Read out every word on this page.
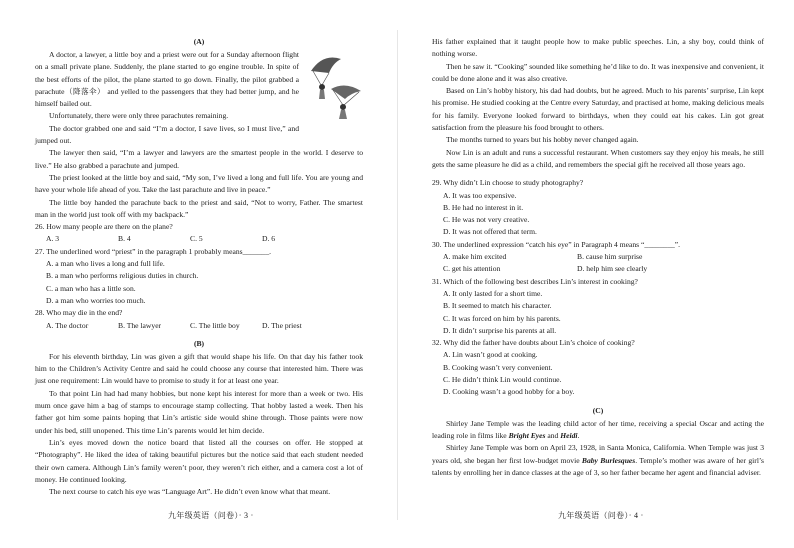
(A)

A doctor, a lawyer, a little boy and a priest were out for a Sunday afternoon flight on a small private plane. Suddenly, the plane started to go engine trouble. In spite of the best efforts of the pilot, the plane started to go down. Finally, the pilot grabbed a parachute（降落伞） and yelled to the passengers that they had better jump, and he himself bailed out.

Unfortunately, there were only three parachutes remaining.

The doctor grabbed one and said “I’m a doctor, I save lives, so I must live,” and jumped out.

The lawyer then said, “I’m a lawyer and lawyers are the smartest people in the world. I deserve to live.” He also grabbed a parachute and jumped.

The priest looked at the little boy and said, “My son, I’ve lived a long and full life. You are young and have your whole life ahead of you. Take the last parachute and live in peace.”

The little boy handed the parachute back to the priest and said, “Not to worry, Father. The smartest man in the world just took off with my backpack.”

26. How many people are there on the plane?
A. 3	B. 4	C. 5	D. 6
27. The underlined word “priest” in the paragraph 1 probably means_______.
A. a man who lives a long and full life.
B. a man who performs religious duties in church.
C. a man who has a little son.
D. a man who worries too much.
28. Who may die in the end?
A. The doctor	B. The lawyer	C. The little boy	D. The priest
(B)

For his eleventh birthday, Lin was given a gift that would shape his life. On that day his father took him to the Children’s Activity Centre and said he could choose any course that interested him. There was just one requirement: Lin would have to promise to study it for at least one year.

To that point Lin had had many hobbies, but none kept his interest for more than a week or two. His mum once gave him a bag of stamps to encourage stamp collecting. That hobby lasted a week. Then his father got him some paints hoping that Lin’s artistic side would shine through. Those paints were now under his bed, still unopened. This time Lin’s parents would let him decide.

Lin’s eyes moved down the notice board that listed all the courses on offer. He stopped at “Photography”. He liked the idea of taking beautiful pictures but the notice said that each student needed their own camera. Although Lin’s family weren’t poor, they weren’t rich either, and a camera cost a lot of money. He continued looking.

The next course to catch his eye was “Language Art”. He didn’t even know what that meant.

九年级英语（问卷）· 3 ·

His father explained that it taught people how to make public speeches. Lin, a shy boy, could think of nothing worse.

Then he saw it. “Cooking” sounded like something he’d like to do. It was inexpensive and convenient, it could be done alone and it was also creative.

Based on Lin’s hobby history, his dad had doubts, but he agreed. Much to his parents’ surprise, Lin kept his promise. He studied cooking at the Centre every Saturday, and practised at home, making delicious meals for his family. Everyone looked forward to birthdays, when they could eat his cakes. Lin got great satisfaction from the pleasure his food brought to others.

The months turned to years but his hobby never changed again.

Now Lin is an adult and runs a successful restaurant. When customers say they enjoy his meals, he still gets the same pleasure he did as a child, and remembers the special gift he received all those years ago.

29. Why didn’t Lin choose to study photography?
A. It was too expensive.
B. He had no interest in it.
C. He was not very creative.
D. It was not offered that term.
30. The underlined expression “catch his eye” in Paragraph 4 means “________”.
A. make him excited	B. cause him surprise
C. get his attention	D. help him see clearly
31. Which of the following best describes Lin’s interest in cooking?
A. It only lasted for a short time.
B. It seemed to match his character.
C. It was forced on him by his parents.
D. It didn’t surprise his parents at all.
32. Why did the father have doubts about Lin’s choice of cooking?
A. Lin wasn’t good at cooking.
B. Cooking wasn’t very convenient.
C. He didn’t think Lin would continue.
D. Cooking wasn’t a good hobby for a boy.
(C)

Shirley Jane Temple was the leading child actor of her time, receiving a special Oscar and acting the leading role in films like Bright Eyes and Heidi.

Shirley Jane Temple was born on April 23, 1928, in Santa Monica, California. When Temple was just 3 years old, she began her first low-budget movie Baby Burlesques. Temple’s mother was aware of her girl’s talents by enrolling her in dance classes at the age of 3, so her father became her agent and financial adviser.

九年级英语（问卷）· 4 ·
